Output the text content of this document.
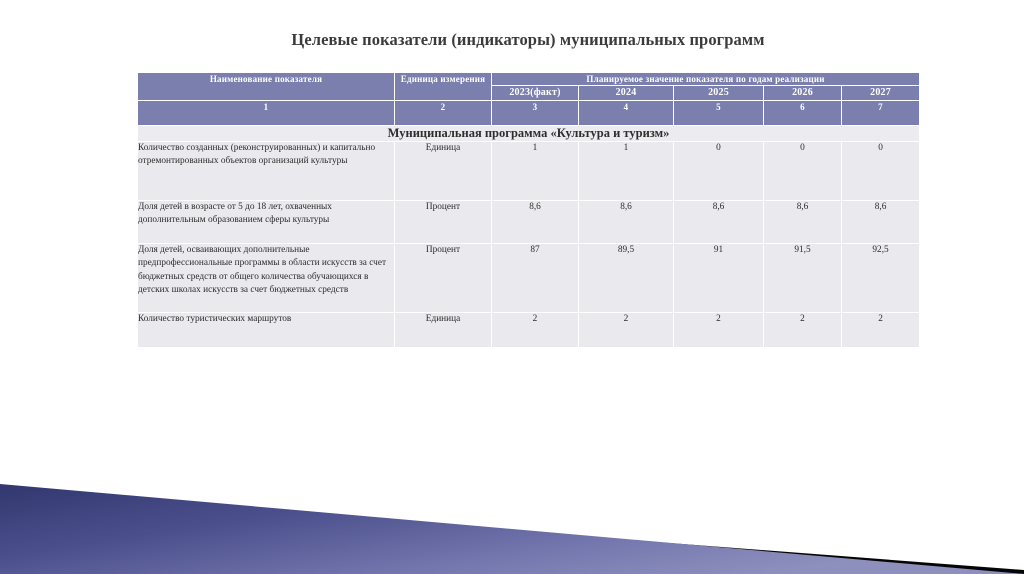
Целевые показатели (индикаторы) муниципальных программ
Наименование показателя	Единица измерения	Планируемое значение показателя по годам реализации				
		2023(факт)	2024	2025	2026	2027
1	2	3	4	5	6	7
Муниципальная программа «Культура и туризм»						
Количество созданных (реконструированных) и капитально отремонтированных объектов организаций культуры	Единица	1	1	0	0	0
Доля детей в возрасте от 5 до 18 лет, охваченных дополнительным образованием сферы культуры	Процент	8,6	8,6	8,6	8,6	8,6
Доля детей, осваивающих дополнительные предпрофессиональные программы в области искусств за счет бюджетных средств от общего количества обучающихся в детских школах искусств за счет бюджетных средств	Процент	87	89,5	91	91,5	92,5
Количество туристических маршрутов	Единица	2	2	2	2	2
